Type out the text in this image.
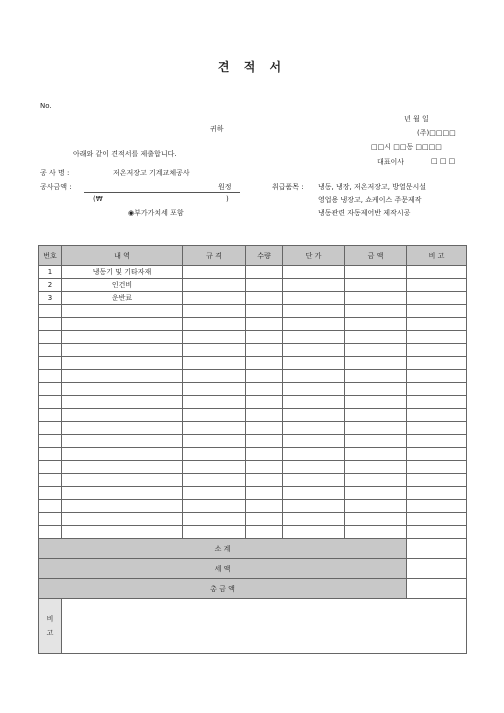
견 적 서
No.
년 월 일
귀하	(주)□□□□
□□시 □□동 □□□□
아래와 같이 견적서를 제출합니다.
대표이사	□ □ □
공 사 명 :	저온저장고 기계교체공사
공사금액 :	원정
(₩	)
◉부가가치세 포함
취급품목 : 냉동, 냉장, 저온저장고, 방열문시설
영업용 냉장고, 쇼케이스 주문제작
냉동관련 자동제어반 제작시공
번호	내 역	규 격	수량	단 가	금 액	비 고
1	냉동기 및 기타자재					
2	인건비					
3	운반료					

소 계						
세 액						
총 금 액						
비
고						
